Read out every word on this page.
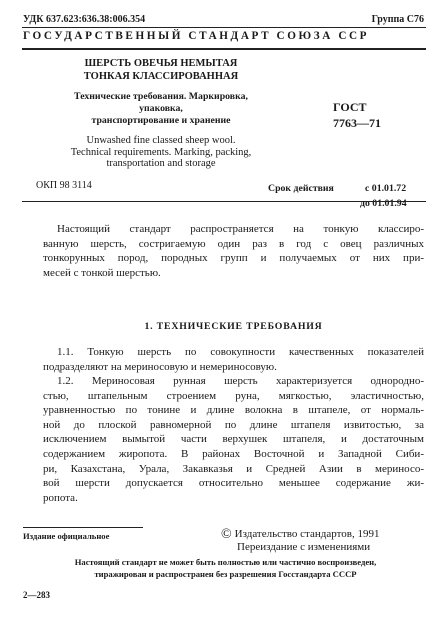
УДК 637.623:636.38:006.354	Группа С76
ГОСУДАРСТВЕННЫЙ СТАНДАРТ СОЮЗА ССР
ШЕРСТЬ ОВЕЧЬЯ НЕМЫТАЯ
ТОНКАЯ КЛАССИРОВАННАЯ
Технические требования. Маркировка, упаковка,
транспортирование и хранение
Unwashed fine classed sheep wool.
Technical requirements. Marking, packing,
transportation and storage
ГОСТ
7763—71
ОКП 98 3114	Срок действия	с 01.01.72
до 01.01.94
Настоящий стандарт распространяется на тонкую классиро-
ванную шерсть, состригаемую один раз в год с овец различных
тонкорунных пород, породных групп и получаемых от них при-
месей с тонкой шерстью.
1. ТЕХНИЧЕСКИЕ ТРЕБОВАНИЯ
1.1. Тонкую шерсть по совокупности качественных показателей
подразделяют на мериносовую и немериносовую.
1.2. Мериносовая рунная шерсть характеризуется однородно-
стью, штапельным строением руна, мягкостью, эластичностью,
уравненностью по тонине и длине волокна в штапеле, от нормаль-
ной до плоской равномерной по длине штапеля извитостью, за
исключением вымытой части верхушек штапеля, и достаточным
содержанием жиропота. В районах Восточной и Западной Сиби-
ри, Казахстана, Урала, Закавказья и Средней Азии в мериносо-
вой шерсти допускается относительно меньшее содержание жи-
ропота.
Издание официальное	© Издательство стандартов, 1991
Переиздание с изменениями
Настоящий стандарт не может быть полностью или частично воспроизведен,
тиражирован и распространен без разрешения Госстандарта СССР
2—283
